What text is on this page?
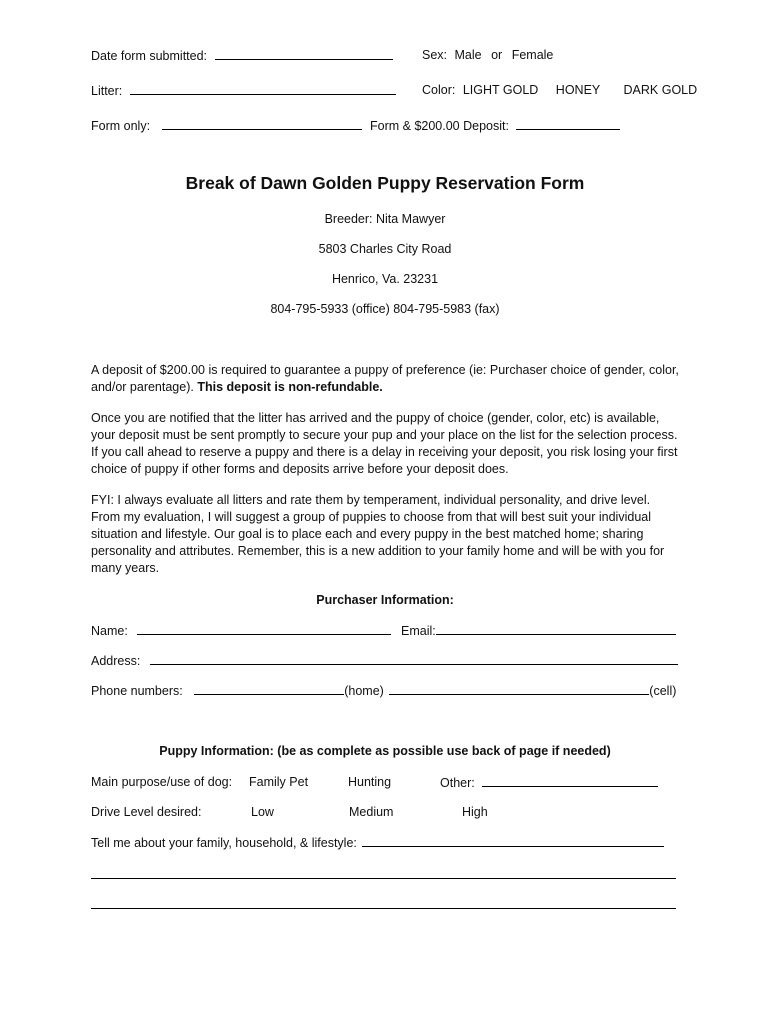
Date form submitted:	Sex: Male or Female
Litter:	Color: LIGHT GOLD HONEY DARK GOLD
Form only:	Form & $200.00 Deposit:
Break of Dawn Golden Puppy Reservation Form
Breeder: Nita Mawyer
5803 Charles City Road
Henrico, Va. 23231
804-795-5933 (office) 804-795-5983 (fax)
A deposit of $200.00 is required to guarantee a puppy of preference (ie: Purchaser choice of gender, color, and/or parentage). This deposit is non-refundable.
Once you are notified that the litter has arrived and the puppy of choice (gender, color, etc) is available, your deposit must be sent promptly to secure your pup and your place on the list for the selection process. If you call ahead to reserve a puppy and there is a delay in receiving your deposit, you risk losing your first choice of puppy if other forms and deposits arrive before your deposit does.
FYI: I always evaluate all litters and rate them by temperament, individual personality, and drive level. From my evaluation, I will suggest a group of puppies to choose from that will best suit your individual situation and lifestyle. Our goal is to place each and every puppy in the best matched home; sharing personality and attributes. Remember, this is a new addition to your family home and will be with you for many years.
Purchaser Information:
Name:	Email:
Address:
Phone numbers:	(home)	(cell)
Puppy Information: (be as complete as possible use back of page if needed)
Main purpose/use of dog: Family Pet	Hunting	Other:
Drive Level desired:	Low	Medium	High
Tell me about your family, household, & lifestyle:
